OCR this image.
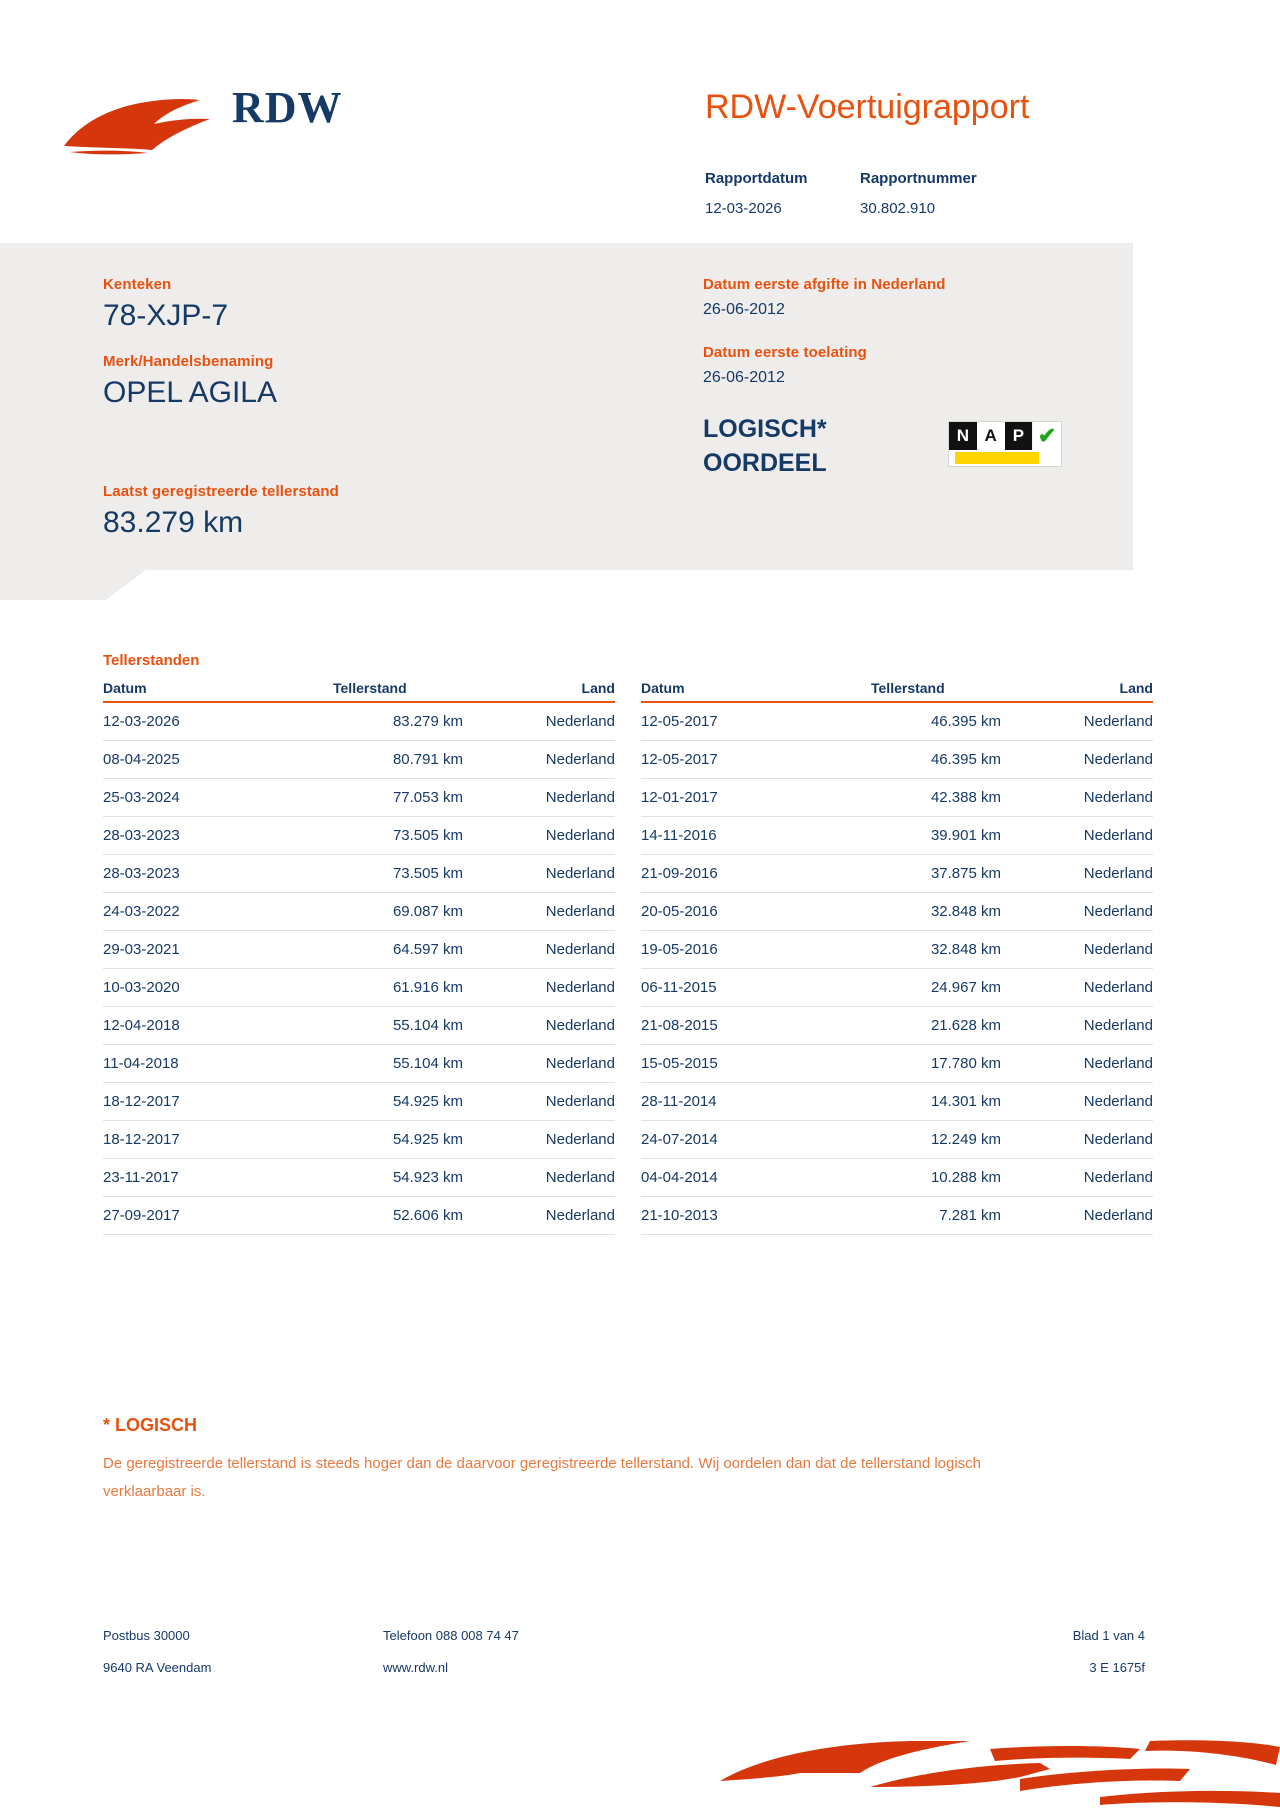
RDW	RDW-Voertuigrapport
Rapportdatum	Rapportnummer
12-03-2026	30.802.910
Kenteken
78-XJP-7
Merk/Handelsbenaming
OPEL AGILA
Laatst geregistreerde tellerstand
83.279 km
Datum eerste afgifte in Nederland
26-06-2012
Datum eerste toelating
26-06-2012
LOGISCH*
OORDEEL
N A P ✔
Tellerstanden
Datum	Tellerstand	Land
12-03-2026	83.279 km	Nederland
08-04-2025	80.791 km	Nederland
25-03-2024	77.053 km	Nederland
28-03-2023	73.505 km	Nederland
28-03-2023	73.505 km	Nederland
24-03-2022	69.087 km	Nederland
29-03-2021	64.597 km	Nederland
10-03-2020	61.916 km	Nederland
12-04-2018	55.104 km	Nederland
11-04-2018	55.104 km	Nederland
18-12-2017	54.925 km	Nederland
18-12-2017	54.925 km	Nederland
23-11-2017	54.923 km	Nederland
27-09-2017	52.606 km	Nederland
Datum	Tellerstand	Land
12-05-2017	46.395 km	Nederland
12-05-2017	46.395 km	Nederland
12-01-2017	42.388 km	Nederland
14-11-2016	39.901 km	Nederland
21-09-2016	37.875 km	Nederland
20-05-2016	32.848 km	Nederland
19-05-2016	32.848 km	Nederland
06-11-2015	24.967 km	Nederland
21-08-2015	21.628 km	Nederland
15-05-2015	17.780 km	Nederland
28-11-2014	14.301 km	Nederland
24-07-2014	12.249 km	Nederland
04-04-2014	10.288 km	Nederland
21-10-2013	7.281 km	Nederland
* LOGISCH
De geregistreerde tellerstand is steeds hoger dan de daarvoor geregistreerde tellerstand. Wij oordelen dan dat de tellerstand logisch verklaarbaar is.
Postbus 30000
9640 RA Veendam
Telefoon 088 008 74 47
www.rdw.nl
Blad 1 van 4
3 E 1675f
